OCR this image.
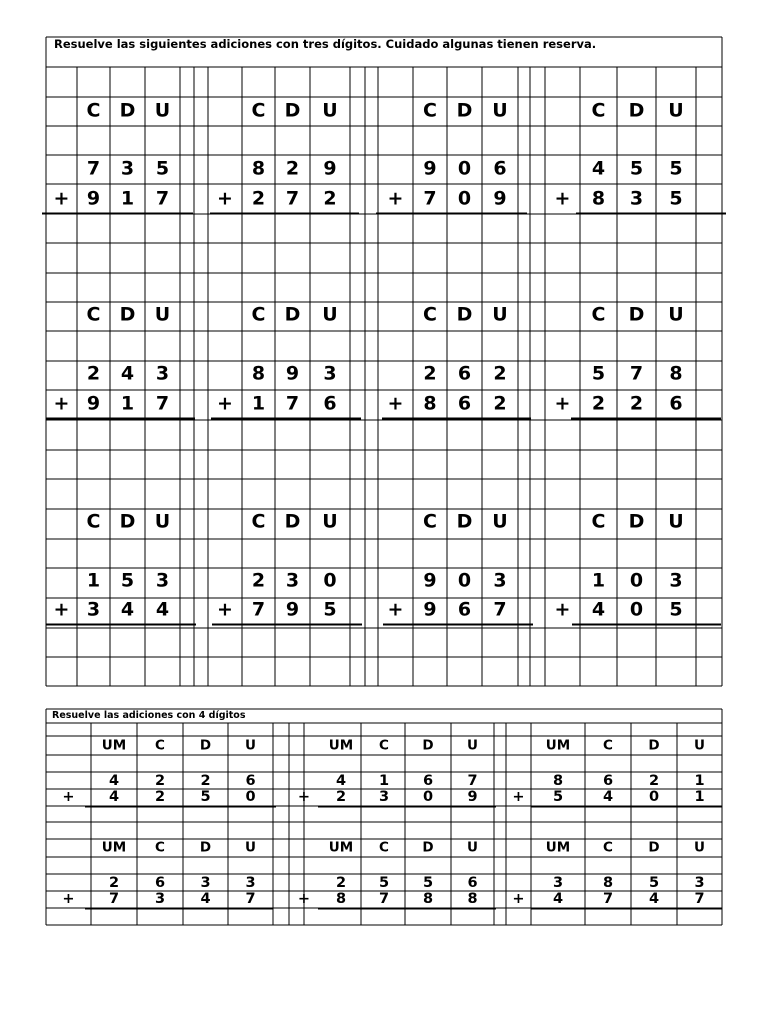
Resuelve las siguientes adiciones con tres dígitos. Cuidado algunas tienen reserva.
Resuelve las adiciones con 4 dígitos
C
7
9
D
3
1
U
5
7
+
C
8
2
D
2
7
U
9
2
+
C
9
7
D
0
0
U
6
9
+
C
4
8
D
5
3
U
5
5
+
C
2
9
D
4
1
U
3
7
+
C
8
1
D
9
7
U
3
6
+
C
2
8
D
6
6
U
2
2
+
C
5
2
D
7
2
U
8
6
+
C
1
3
D
5
4
U
3
4
+
C
2
7
D
3
9
U
0
5
+
C
9
9
D
0
6
U
3
7
+
C
1
4
D
0
0
U
3
5
+
UM
4
4
C
2
2
D
2
5
U
6
0
+
UM
4
2
C
1
3
D
6
0
U
7
9
+
UM
8
5
C
6
4
D
2
0
U
1
1
+
UM
2
7
C
6
3
D
3
4
U
3
7
+
UM
2
8
C
5
7
D
5
8
U
6
8
+
UM
3
4
C
8
7
D
5
4
U
3
7
+
